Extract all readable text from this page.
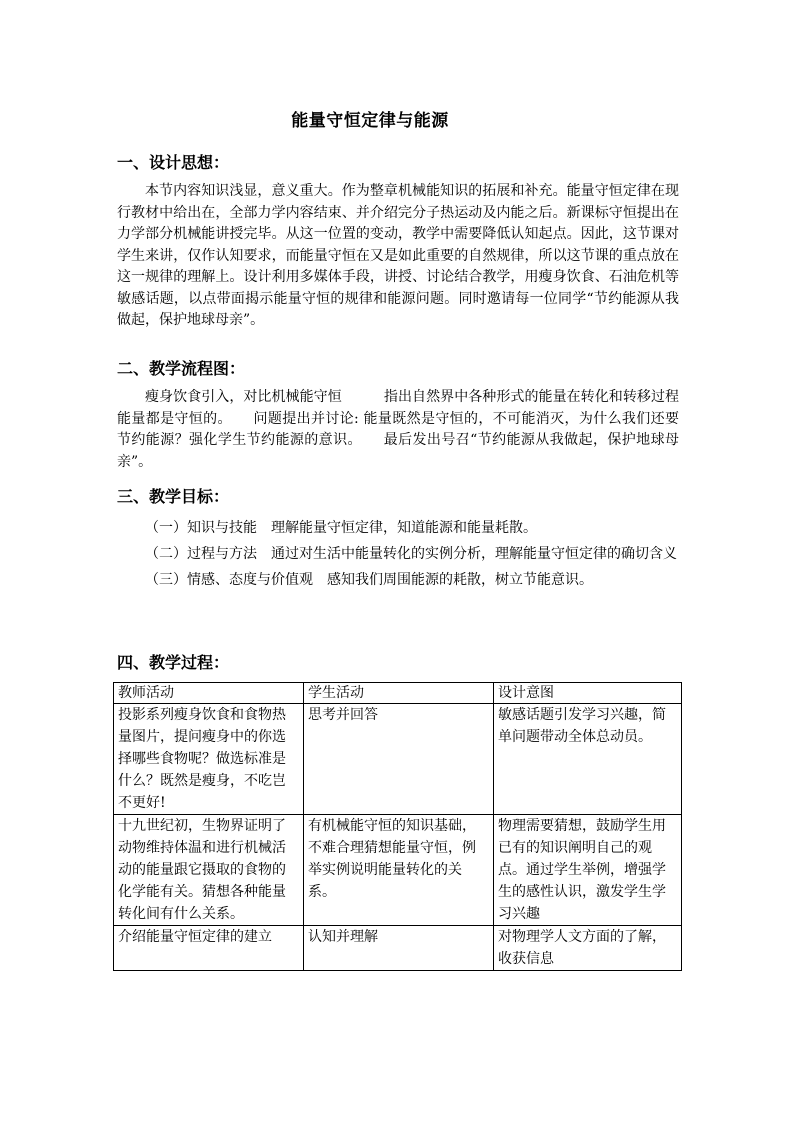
能量守恒定律与能源
一、设计思想：

本节内容知识浅显，意义重大。作为整章机械能知识的拓展和补充。能量守恒定律在现行教材中给出在，全部力学内容结束、并介绍完分子热运动及内能之后。新课标守恒提出在力学部分机械能讲授完毕。从这一位置的变动，教学中需要降低认知起点。因此，这节课对学生来讲，仅作认知要求，而能量守恒在又是如此重要的自然规律，所以这节课的重点放在这一规律的理解上。设计利用多媒体手段，讲授、讨论结合教学，用瘦身饮食、石油危机等敏感话题，以点带面揭示能量守恒的规律和能源问题。同时邀请每一位同学“节约能源从我做起，保护地球母亲”。

二、教学流程图：

瘦身饮食引入，对比机械能守恒　　　指出自然界中各种形式的能量在转化和转移过程能量都是守恒的。　　问题提出并讨论: 能量既然是守恒的，不可能消灭，为什么我们还要节约能源？强化学生节约能源的意识。　　最后发出号召“节约能源从我做起，保护地球母亲”。

三、教学目标：
（一）知识与技能　理解能量守恒定律，知道能源和能量耗散。
（二）过程与方法　通过对生活中能量转化的实例分析，理解能量守恒定律的确切含义
（三）情感、态度与价值观　感知我们周围能源的耗散，树立节能意识。
四、教学过程：
教师活动	学生活动	设计意图
投影系列瘦身饮食和食物热量图片，提问瘦身中的你选择哪些食物呢？做选标准是什么？既然是瘦身，不吃岂不更好!	思考并回答	敏感话题引发学习兴趣，简单问题带动全体总动员。
十九世纪初，生物界证明了动物维持体温和进行机械活动的能量跟它摄取的食物的化学能有关。猜想各种能量转化间有什么关系。	有机械能守恒的知识基础，不难合理猜想能量守恒，例举实例说明能量转化的关系。	物理需要猜想，鼓励学生用已有的知识阐明自己的观点。通过学生举例，增强学生的感性认识，激发学生学习兴趣
介绍能量守恒定律的建立	认知并理解	对物理学人文方面的了解，收获信息
